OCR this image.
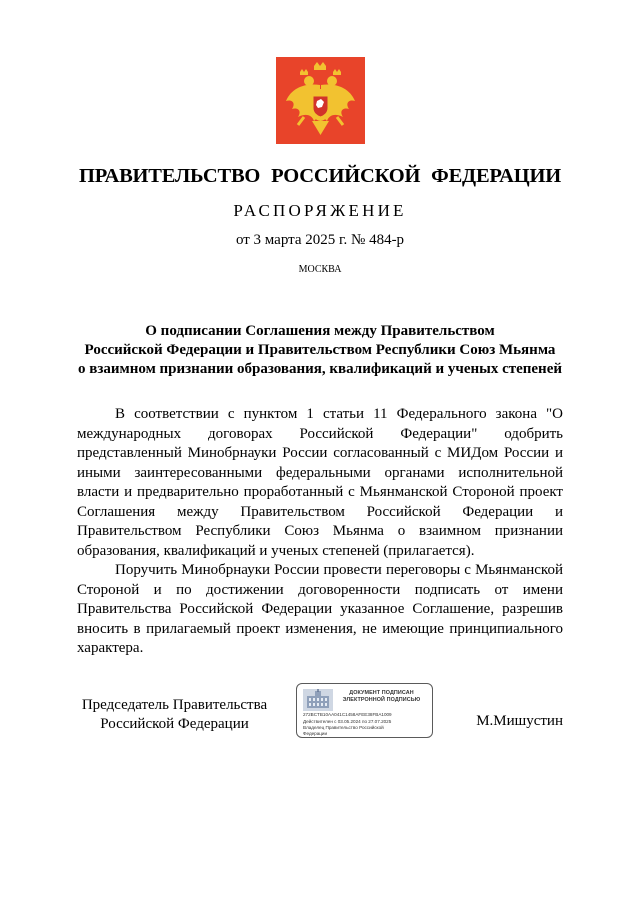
ПРАВИТЕЛЬСТВО РОССИЙСКОЙ ФЕДЕРАЦИИ
РАСПОРЯЖЕНИЕ
от 3 марта 2025 г. № 484-р
МОСКВА
О подписании Соглашения между Правительством
Российской Федерации и Правительством Республики Союз Мьянма
о взаимном признании образования, квалификаций и ученых степеней

В соответствии с пунктом 1 статьи 11 Федерального закона "О международных договорах Российской Федерации" одобрить представленный Минобрнауки России согласованный с МИДом России и иными заинтересованными федеральными органами исполнительной власти и предварительно проработанный с Мьянманской Стороной проект Соглашения между Правительством Российской Федерации и Правительством Республики Союз Мьянма о взаимном признании образования, квалификаций и ученых степеней (прилагается).

Поручить Минобрнауки России провести переговоры с Мьянманской Стороной и по достижении договоренности подписать от имени Правительства Российской Федерации указанное Соглашение, разрешив вносить в прилагаемый проект изменения, не имеющие принципиального характера.

Председатель Правительства
Российской Федерации
ДОКУМЕНТ ПОДПИСАН
ЭЛЕКТРОННОЙ ПОДПИСЬЮ
272BCTB10AA041C1458AFEE38FBA1009
Действителен с 03.05.2024 по 27.07.2025
Владелец Правительство Российской
Федерации
М.Мишустин
